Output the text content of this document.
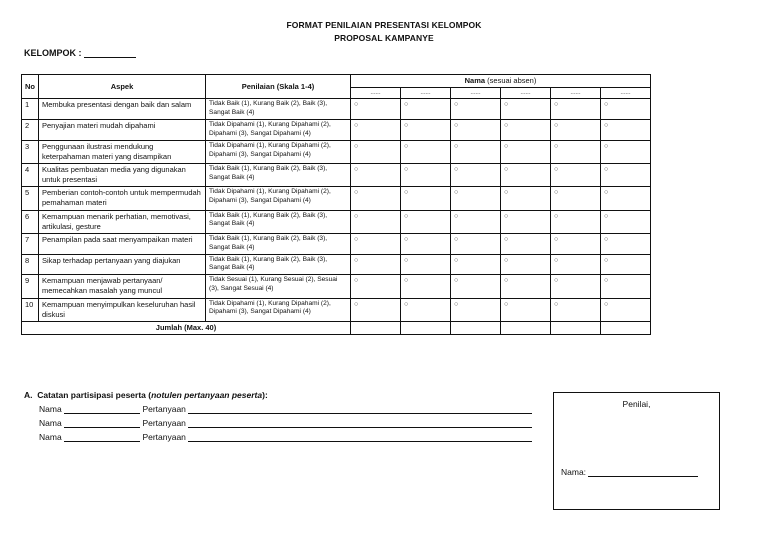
FORMAT PENILAIAN PRESENTASI KELOMPOK
PROPOSAL KAMPANYE
KELOMPOK :
No	Aspek	Penilaian (Skala 1-4)	Nama (sesuai absen)					
			......	......	......	......	......	......
1	Membuka presentasi dengan baik dan salam	Tidak Baik (1), Kurang Baik (2), Baik (3), Sangat Baik (4)	○	○	○	○	○	○
2	Penyajian materi mudah dipahami	Tidak Dipahami (1), Kurang Dipahami (2), Dipahami (3), Sangat Dipahami (4)	○	○	○	○	○	○
3	Penggunaan ilustrasi mendukung keterpahaman materi yang disampikan	Tidak Dipahami (1), Kurang Dipahami (2), Dipahami (3), Sangat Dipahami (4)	○	○	○	○	○	○
4	Kualitas pembuatan media yang digunakan untuk presentasi	Tidak Baik (1), Kurang Baik (2), Baik (3), Sangat Baik (4)	○	○	○	○	○	○
5	Pemberian contoh-contoh untuk mempermudah pemahaman materi	Tidak Dipahami (1), Kurang Dipahami (2), Dipahami (3), Sangat Dipahami (4)	○	○	○	○	○	○
6	Kemampuan menarik perhatian, memotivasi, artikulasi, gesture	Tidak Baik (1), Kurang Baik (2), Baik (3), Sangat Baik (4)	○	○	○	○	○	○
7	Penampilan pada saat menyampaikan materi	Tidak Baik (1), Kurang Baik (2), Baik (3), Sangat Baik (4)	○	○	○	○	○	○
8	Sikap terhadap pertanyaan yang diajukan	Tidak Baik (1), Kurang Baik (2), Baik (3), Sangat Baik (4)	○	○	○	○	○	○
9	Kemampuan menjawab pertanyaan/ memecahkan masalah yang muncul	Tidak Sesuai (1), Kurang Sesuai (2), Sesuai (3), Sangat Sesuai (4)	○	○	○	○	○	○
10	Kemampuan menyimpulkan keseluruhan hasil diskusi	Tidak Dipahami (1), Kurang Dipahami (2), Dipahami (3), Sangat Dipahami (4)	○	○	○	○	○	○
Jumlah (Max. 40)								
A. Catatan partisipasi peserta (notulen pertanyaan peserta):
Nama	Pertanyaan
Nama	Pertanyaan
Nama	Pertanyaan
Penilai,
Nama:
